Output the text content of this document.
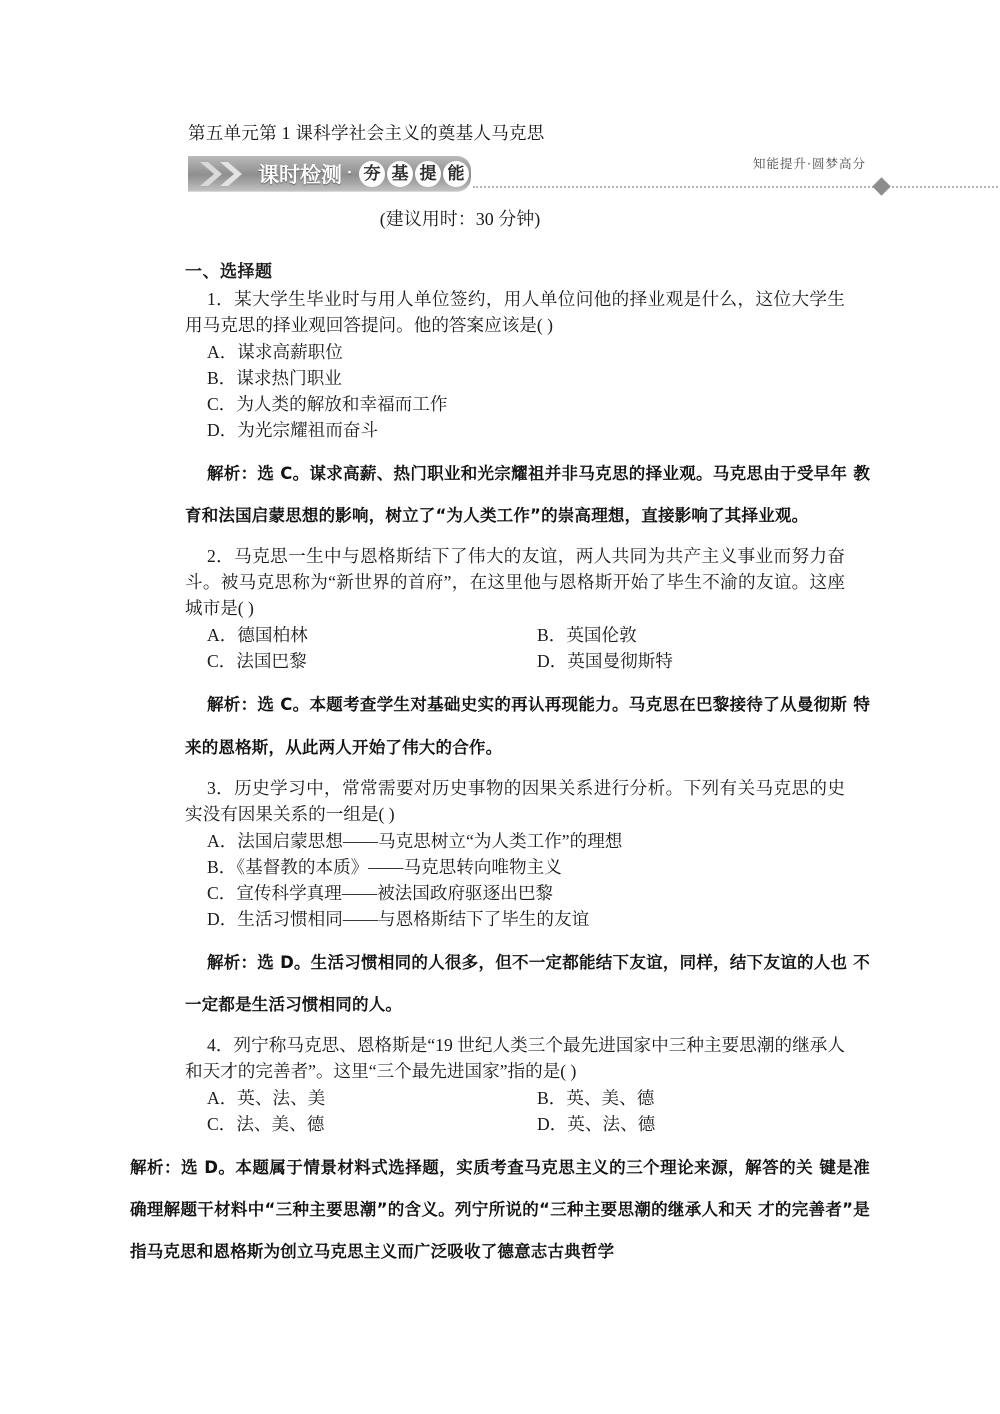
第五单元第 1 课科学社会主义的奠基人马克思
课时检测 · 夯 基 提 能	知能提升·圆梦高分

(建议用时：30 分钟)

一、选择题

1．某大学生毕业时与用人单位签约，用人单位问他的择业观是什么，这位大学生用马克思的择业观回答提问。他的答案应该是( )

A．谋求高薪职位

B．谋求热门职业

C．为人类的解放和幸福而工作

D．为光宗耀祖而奋斗

解析：选 C。谋求高薪、热门职业和光宗耀祖并非马克思的择业观。马克思由于受早年 教育和法国启蒙思想的影响，树立了“为人类工作”的崇高理想，直接影响了其择业观。

2．马克思一生中与恩格斯结下了伟大的友谊，两人共同为共产主义事业而努力奋斗。被马克思称为“新世界的首府”，在这里他与恩格斯开始了毕生不渝的友谊。这座城市是( )

A．德国柏林	B．英国伦敦

C．法国巴黎	D．英国曼彻斯特

解析：选 C。本题考查学生对基础史实的再认再现能力。马克思在巴黎接待了从曼彻斯 特来的恩格斯，从此两人开始了伟大的合作。

3．历史学习中，常常需要对历史事物的因果关系进行分析。下列有关马克思的史实没有因果关系的一组是( )

A．法国启蒙思想——马克思树立“为人类工作”的理想

B．《基督教的本质》——马克思转向唯物主义

C．宣传科学真理——被法国政府驱逐出巴黎

D．生活习惯相同——与恩格斯结下了毕生的友谊

解析：选 D。生活习惯相同的人很多，但不一定都能结下友谊，同样，结下友谊的人也 不一定都是生活习惯相同的人。

4．列宁称马克思、恩格斯是“19 世纪人类三个最先进国家中三种主要思潮的继承人和天才的完善者”。这里“三个最先进国家”指的是( )

A．英、法、美	B．英、美、德

C．法、美、德	D．英、法、德

解析：选 D。本题属于情景材料式选择题，实质考查马克思主义的三个理论来源，解答的关 键是准确理解题干材料中“三种主要思潮”的含义。列宁所说的“三种主要思潮的继承人和天 才的完善者”是指马克思和恩格斯为创立马克思主义而广泛吸收了德意志古典哲学
